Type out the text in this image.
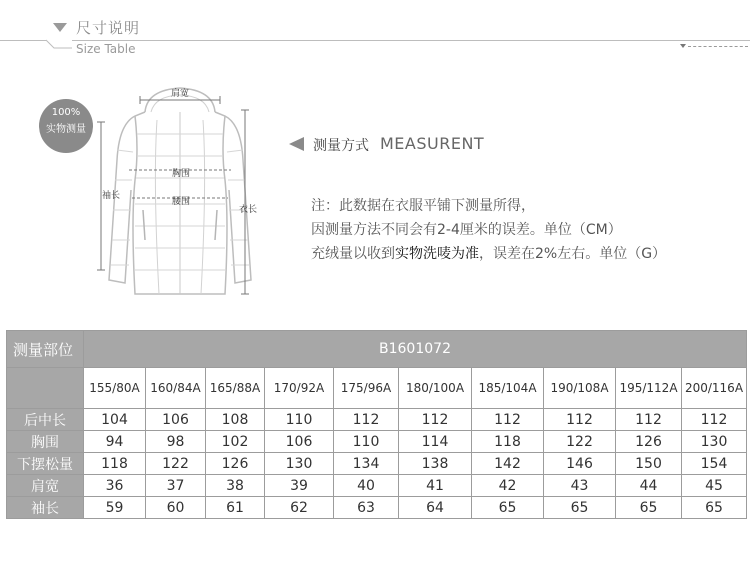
尺寸说明
Size Table
100%
实物测量
肩宽
胸围
腰围
袖长
衣长
测量方式 MEASURENT
注：此数据在衣服平铺下测量所得，
因测量方法不同会有2-4厘米的误差。单位（CM）
充绒量以收到实物洗唛为准，误差在2%左右。单位（G）
测量部位	B1601072									
	155/80A	160/84A	165/88A	170/92A	175/96A	180/100A	185/104A	190/108A	195/112A	200/116A
后中长	104	106	108	110	112	112	112	112	112	112
胸围	94	98	102	106	110	114	118	122	126	130
下摆松量	118	122	126	130	134	138	142	146	150	154
肩宽	36	37	38	39	40	41	42	43	44	45
袖长	59	60	61	62	63	64	65	65	65	65
